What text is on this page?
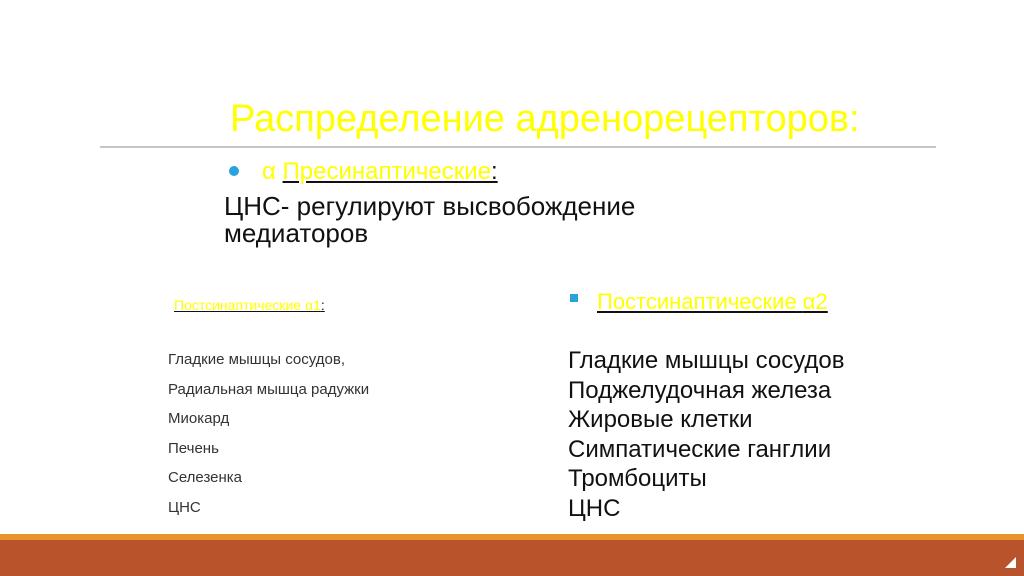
Распределение адренорецепторов:
α Пресинаптические:
ЦНС- регулируют высвобождение медиаторов
Постсинаптические α1:
Гладкие мышцы сосудов,
Радиальная мышца радужки
Миокард
Печень
Селезенка
ЦНС
Постсинаптические α2
Гладкие мышцы сосудов
Поджелудочная железа
Жировые клетки
Симпатические ганглии
Тромбоциты
ЦНС
